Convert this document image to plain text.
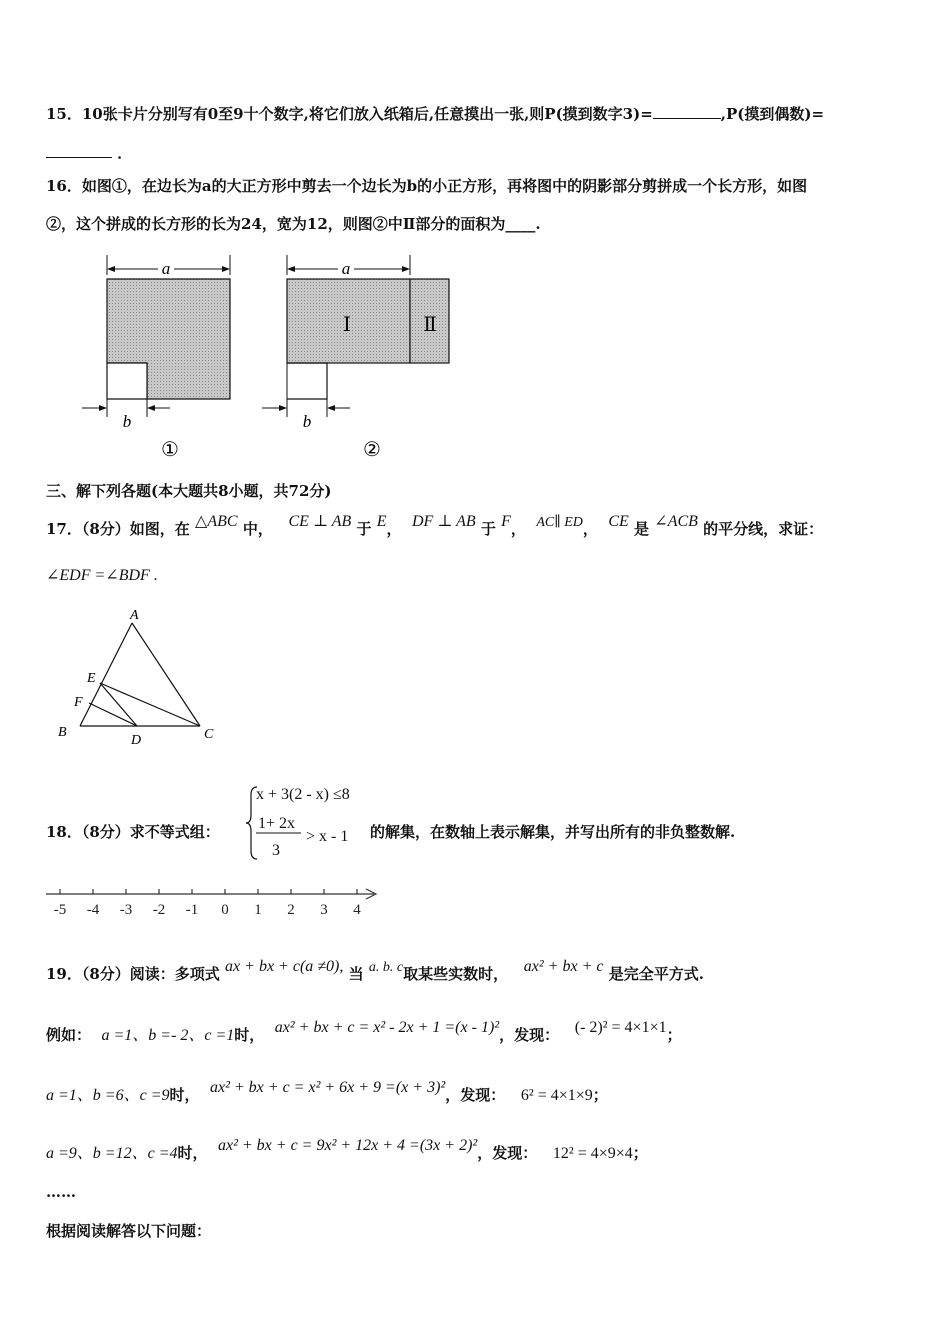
15．10张卡片分别写有0至9十个数字,将它们放入纸箱后,任意摸出一张,则P(摸到数字3)=	,P(摸到偶数)=
．
16．如图①，在边长为a的大正方形中剪去一个边长为b的小正方形，再将图中的阴影部分剪拼成一个长方形，如图
②，这个拼成的长方形的长为24，宽为12，则图②中Ⅱ部分的面积为____.
a
b
①
a
Ⅰ	Ⅱ
b
②
三、解下列各题(本大题共8小题，共72分)
17．（8分）如图，在 △ABC 中， CE ⊥ AB 于 E， DF ⊥ AB 于 F， AC∥ ED， CE 是 ∠ACB 的平分线，求证：
∠EDF =∠BDF .
A
B	C
D
E
F
18．（8分）求不等式组：
x + 3(2 - x) ≤8
1+ 2x
3
> x - 1 的解集，在数轴上表示解集，并写出所有的非负整数解.
-5 -4 -3 -2 -1 0 1 2 3 4
19．（8分）阅读：多项式 ax + bx + c(a ≠0), 当 a. b. c取某些实数时， ax² + bx + c 是完全平方式.
例如： a =1、b =- 2、c =1时， ax² + bx + c = x² - 2x + 1 =(x - 1)²，发现： (- 2)² = 4×1×1；
a =1、b =6、c =9时， ax² + bx + c = x² + 6x + 9 =(x + 3)²，发现： 6² = 4×1×9；
a =9、b =12、c =4时， ax² + bx + c = 9x² + 12x + 4 =(3x + 2)²，发现： 12² = 4×9×4；
……
根据阅读解答以下问题：
